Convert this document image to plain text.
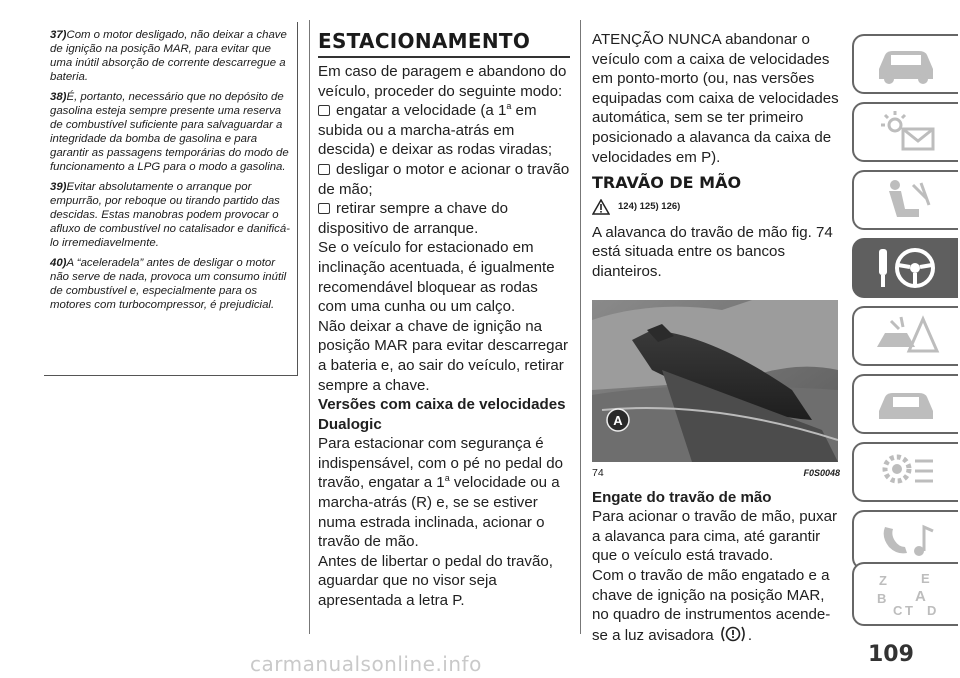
37)Com o motor desligado, não deixar a chave de ignição na posição MAR, para evitar que uma inútil absorção de corrente descarregue a bateria.

38)É, portanto, necessário que no depósito de gasolina esteja sempre presente uma reserva de combustível suficiente para salvaguardar a integridade da bomba de gasolina e para garantir as passagens temporárias do modo de funcionamento a LPG para o modo a gasolina.

39)Evitar absolutamente o arranque por empurrão, por reboque ou tirando partido das descidas. Estas manobras podem provocar o afluxo de combustível no catalisador e danificá-lo irremediavelmente.

40)A “aceleradela” antes de desligar o motor não serve de nada, provoca um consumo inútil de combustível e, especialmente para os motores com turbocompressor, é prejudicial.

ESTACIONAMENTO

Em caso de paragem e abandono do veículo, proceder do seguinte modo:

engatar a velocidade (a 1$^a$ em subida ou a marcha-atrás em descida) e deixar as rodas viradas;

desligar o motor e acionar o travão de mão;

retirar sempre a chave do dispositivo de arranque.

Se o veículo for estacionado em inclinação acentuada, é igualmente recomendável bloquear as rodas com uma cunha ou um calço.

Não deixar a chave de ignição na posição MAR para evitar descarregar a bateria e, ao sair do veículo, retirar sempre a chave.

Versões com caixa de velocidades Dualogic

Para estacionar com segurança é indispensável, com o pé no pedal do travão, engatar a 1$^a$ velocidade ou a marcha-atrás (R) e, se se estiver numa estrada inclinada, acionar o travão de mão.

Antes de libertar o pedal do travão, aguardar que no visor seja apresentada a letra P.

ATENÇÃO NUNCA abandonar o veículo com a caixa de velocidades em ponto-morto (ou, nas versões equipadas com caixa de velocidades automática, sem se ter primeiro posicionado a alavanca da caixa de velocidades em P).

TRAVÃO DE MÃO
124) 125) 126)

A alavanca do travão de mão fig. 74 está situada entre os bancos dianteiros.

A
74	F0S0048

Engate do travão de mão

Para acionar o travão de mão, puxar a alavanca para cima, até garantir que o veículo está travado.

Com o travão de mão engatado e a chave de ignição na posição MAR, no quadro de instrumentos acende-se a luz avisadora .

Z	E
B A
C T D
109
carmanualsonline.info
